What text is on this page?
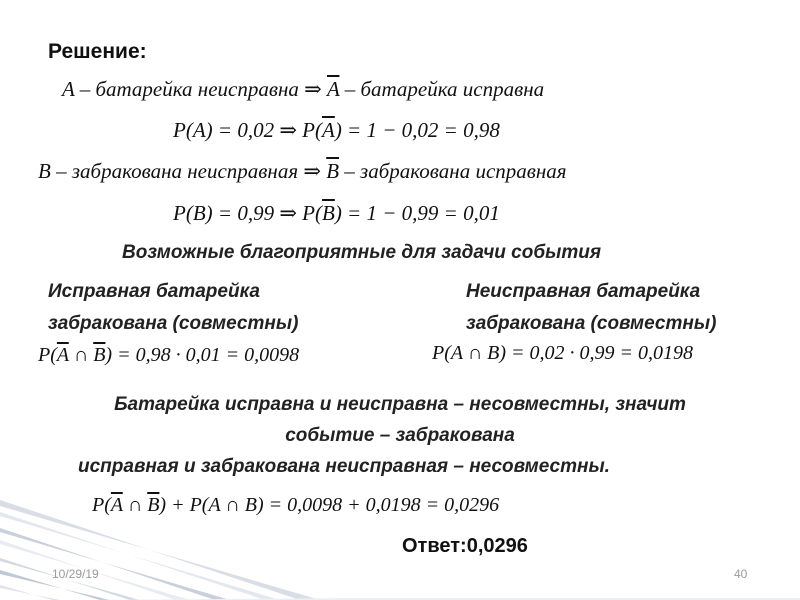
Решение:
A – батарейка неисправна ⇒ $\overline{A}$ – батарейка исправна
P(A) = 0,02 ⇒ $P(\overline{A}) = 1 - 0,02 = 0,98$
B – забракована неисправная ⇒ $\overline{B}$ – забракована исправная
P(B) = 0,99 ⇒ $P(\overline{B}) = 1 - 0,99 = 0,01$
Возможные благоприятные для задачи события
Исправная батарейка
забракована (совместны)
Неисправная батарейка
забракована (совместны)
$P(\overline{A}$ ∩ $\overline{B}) = 0,98 \cdot 0,01 = 0,0098$	P(A ∩ B) = 0,02 · 0,99 = 0,0198
Батарейка исправна и неисправна – несовместны, значит
событие – забракована
исправная и забракована неисправная – несовместны.
$P(\overline{A}$ ∩ $\overline{B}) + P(A$ ∩ B) = 0,0098 + 0,0198 = 0,0296
Ответ:0,0296
10/29/19	40
